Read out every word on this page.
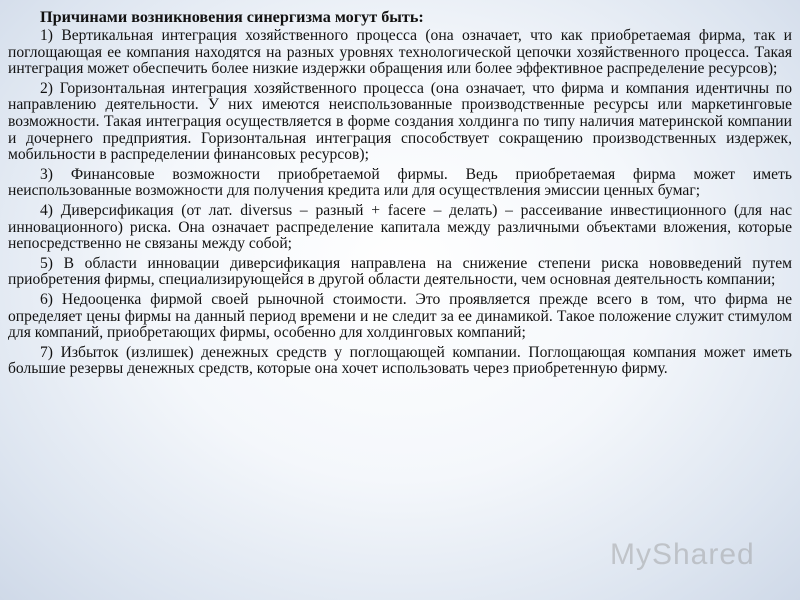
Причинами возникновения синергизма могут быть:

1) Вертикальная интеграция хозяйственного процесса (она означает, что как приобретаемая фирма, так и поглощающая ее компания находятся на разных уровнях технологической цепочки хозяйственного процесса. Такая интеграция может обеспечить более низкие издержки обращения или более эффективное распределение ресурсов);

2) Горизонтальная интеграция хозяйственного процесса (она означает, что фирма и компания идентичны по направлению деятельности. У них имеются неиспользованные производственные ресурсы или маркетинговые возможности. Такая интеграция осуществляется в форме создания холдинга по типу наличия материнской компании и дочернего предприятия. Горизонтальная интеграция способствует сокращению производственных издержек, мобильности в распределении финансовых ресурсов);

3) Финансовые возможности приобретаемой фирмы. Ведь приобретаемая фирма может иметь неиспользованные возможности для получения кредита или для осуществления эмиссии ценных бумаг;

4) Диверсификация (от лат. diversus – разный + facere – делать) – рассеивание инвестиционного (для нас инновационного) риска. Она означает распределение капитала между различными объектами вложения, которые непосредственно не связаны между собой;

5) В области инновации диверсификация направлена на снижение степени риска нововведений путем приобретения фирмы, специализирующейся в другой области деятельности, чем основная деятельность компании;

6) Недооценка фирмой своей рыночной стоимости. Это проявляется прежде всего в том, что фирма не определяет цены фирмы на данный период времени и не следит за ее динамикой. Такое положение служит стимулом для компаний, приобретающих фирмы, особенно для холдинговых компаний;

7) Избыток (излишек) денежных средств у поглощающей компании. Поглощающая компания может иметь большие резервы денежных средств, которые она хочет использовать через приобретенную фирму.

MyShared
